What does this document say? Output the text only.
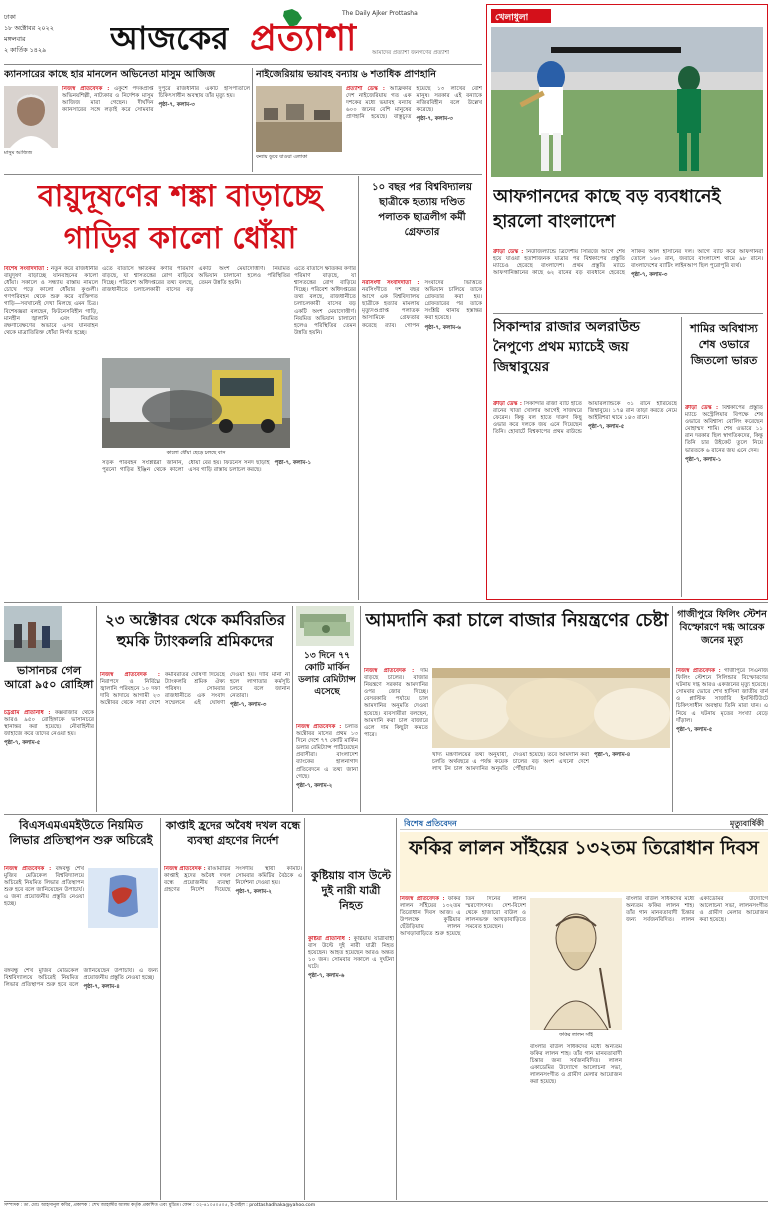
ঢাকা
১৮ অক্টোবর ২০২২
মঙ্গলবার
২ কার্তিক ১৪২৯	আজকের প্রত্যাশা
The Daily Ajker Prottasha
আমাদের প্রত্যাশা জনগণের প্রত্যাশা
খেলাধুলা
আফগানদের কাছে বড় ব্যবধানেই হারলো বাংলাদেশ
ক্রীড়া ডেস্ক : নিউজিল্যান্ডে ত্রিদেশীয় সিরিজে আগে শেষ হয়ে যাওয়া হতাশাজনক যাত্রার পর বিশ্বকাপের প্রস্তুতি ম্যাচেও হেরেছে বাংলাদেশ। প্রথম প্রস্তুতি ম্যাচে আফগানিস্তানের কাছে ৬২ রানের বড় ব্যবধানে হেরেছে সাকিব আল হাসানের দল। আগে ব্যাট করে আফগানরা তোলে ১৬০ রান, জবাবে বাংলাদেশ থামে ৯৮ রানে। বাংলাদেশের ব্যাটিং লাইনআপ ছিল পুরোপুরি ব্যর্থ।
পৃষ্ঠা-৭, কলাম-৩
সিকান্দার রাজার অলরাউন্ড নৈপুণ্যে প্রথম ম্যাচেই জয় জিম্বাবুয়ের
ক্রীড়া ডেস্ক : সিকান্দার রাজা ব্যাট হাতে রানের খাতা খোলার আগেই সাজঘরে ফেরেন। কিন্তু বল হাতে দারুণ কিছু ওভার করে দলকে জয় এনে দিয়েছেন তিনি। হোবার্টে বিশ্বকাপের প্রথম রাউন্ডে আয়ারল্যান্ডকে ৩১ রানে হারিয়েছে জিম্বাবুয়ে। ১৭৪ রান তাড়া করতে নেমে আইরিশরা থামে ১৪৩ রানে।
পৃষ্ঠা-৭, কলাম-৫
শামির অবিশ্বাস্য শেষ ওভারে জিতলো ভারত
ক্রীড়া ডেস্ক : বিশ্বকাপের প্রস্তুতি ম্যাচে অস্ট্রেলিয়ার বিপক্ষে শেষ ওভারে অবিশ্বাস্য বোলিং করেছেন মোহাম্মদ শামি। শেষ ওভারে ১১ রান দরকার ছিল স্বাগতিকদের, কিন্তু তিনি চার উইকেট তুলে নিয়ে ভারতকে ৬ রানের জয় এনে দেন।
পৃষ্ঠা-৭, কলাম-১
ক্যানসারের কাছে হার মানলেন অভিনেতা মাসুম আজিজ
মাসুম আজিজ
নিজস্ব প্রতিবেদক : একুশে পদকপ্রাপ্ত অভিনয়শিল্পী, নাট্যকার ও নির্দেশক মাসুম আজিজ মারা গেছেন। দীর্ঘদিন ক্যানসারের সঙ্গে লড়াই করে সোমবার দুপুরে রাজধানীর একটি হাসপাতালে চিকিৎসাধীন অবস্থায় তাঁর মৃত্যু হয়।
পৃষ্ঠা-৭, কলাম-৩
নাইজেরিয়ায় ভয়াবহ বন্যায় ৬ শতাধিক প্রাণহানি
বন্যায় ডুবে যাওয়া এলাকা
প্রত্যাশা ডেস্ক : আফ্রিকার দেশ নাইজেরিয়ায় গত এক দশকের মধ্যে ভয়াবহ বন্যায় ৬০০ জনের বেশি মানুষের প্রাণহানি হয়েছে। বাস্তুচ্যুত হয়েছে ১৩ লাখের বেশি মানুষ। সরকার এই বন্যাকে নজিরবিহীন বলে উল্লেখ করেছে।
পৃষ্ঠা-৭, কলাম-৩
বায়ুদূষণের শঙ্কা বাড়াচ্ছে
গাড়ির কালো ধোঁয়া
বিশেষ সংবাদদাতা : নতুন করে রাজধানীর বায়ুদূষণ বাড়াচ্ছে যানবাহনের কালো ধোঁয়া। সকালে ও সন্ধ্যায় রাস্তায় নামলে চোখে পড়ে কালো ধোঁয়ার কুণ্ডলী। গণপরিবহন থেকে শুরু করে ব্যক্তিগত গাড়ি—সবখানেই দেখা মিলছে এমন চিত্র। বিশেষজ্ঞরা বলছেন, ফিটনেসবিহীন গাড়ি, মানহীন জ্বালানি এবং নিয়মিত রক্ষণাবেক্ষণের অভাবে এসব যানবাহন থেকে মাত্রাতিরিক্ত ধোঁয়া নির্গত হচ্ছে।
কালো ধোঁয়া ছেড়ে চলছে বাস
এতে বাতাসে ক্ষতিকর কণার পরিমাণ বাড়ছে, যা শ্বাসতন্ত্রের রোগ বাড়িয়ে দিচ্ছে। পরিবেশ অধিদপ্তরের তথ্য বলছে, রাজধানীতে চলাচলকারী বাসের বড় একটি অংশ মেয়াদোত্তীর্ণ। নিয়মিত অভিযান চালানো হলেও পরিস্থিতির তেমন উন্নতি হয়নি।
সড়ক পরিবহন সংশ্লিষ্টরা জানান, পুরনো গাড়ির ইঞ্জিন থেকে কালো ধোঁয়া বের হয়। ফিটনেস সনদ ছাড়াই এসব গাড়ি রাস্তায় চলাচল করছে।
পৃষ্ঠা-৭, কলাম-১
এতে বাতাসে ক্ষতিকর কণার পরিমাণ বাড়ছে, যা শ্বাসতন্ত্রের রোগ বাড়িয়ে দিচ্ছে। পরিবেশ অধিদপ্তরের তথ্য বলছে, রাজধানীতে চলাচলকারী বাসের বড় একটি অংশ মেয়াদোত্তীর্ণ। নিয়মিত অভিযান চালানো হলেও পরিস্থিতির তেমন উন্নতি হয়নি।
১০ বছর পর বিশ্ববিদ্যালয় ছাত্রীকে হত্যায় দণ্ডিত পলাতক ছাত্রলীগ কর্মী গ্রেফতার
নরসিংদী সংবাদদাতা : নরসিংদীতে দশ বছর আগে এক বিশ্ববিদ্যালয় ছাত্রীকে হত্যার মামলায় মৃত্যুদণ্ডপ্রাপ্ত পলাতক আসামিকে গ্রেফতার করেছে র‍্যাব। গোপন সংবাদের ভিত্তিতে অভিযান চালিয়ে তাকে গ্রেফতার করা হয়। গ্রেফতারের পর তাকে সংশ্লিষ্ট থানায় হস্তান্তর করা হয়েছে।
পৃষ্ঠা-৭, কলাম-৬
ভাসানচর গেল আরো ৯৫০ রোহিঙ্গা
চট্টগ্রাম প্রতিনিধি : কক্সবাজার থেকে আরও ৯৫০ রোহিঙ্গাকে ভাসানচরে স্থানান্তর করা হয়েছে। নৌবাহিনীর জাহাজে করে তাদের নেওয়া হয়।
পৃষ্ঠা-৭, কলাম-৫
২৩ অক্টোবর থেকে কর্মবিরতির হুমকি ট্যাংকলরি শ্রমিকদের
নিজস্ব প্রতিবেদক : নিরাপদে ও নির্বিঘ্নে জ্বালানি পরিবহনে ১০ দফা দাবি আদায়ে আগামী ২৩ অক্টোবর থেকে সারা দেশে কর্মবিরতির ঘোষণা দিয়েছে ট্যাংকলরি শ্রমিক ঐক্য পরিষদ। সোমবার রাজধানীতে এক সংবাদ সম্মেলনে এই ঘোষণা দেওয়া হয়। দাবি মানা না হলে লাগাতার কর্মসূচি চলবে বলে জানান নেতারা।
পৃষ্ঠা-৭, কলাম-৩
১৩ দিনে ৭৭ কোটি মার্কিন ডলার রেমিট্যান্স এসেছে
নিজস্ব প্রতিবেদক : চলতি অক্টোবর মাসের প্রথম ১৩ দিনে দেশে ৭৭ কোটি মার্কিন ডলার রেমিট্যান্স পাঠিয়েছেন প্রবাসীরা। বাংলাদেশ ব্যাংকের হালনাগাদ প্রতিবেদনে এ তথ্য জানা গেছে।
পৃষ্ঠা-৭, কলাম-২
আমদানি করা চালে বাজার নিয়ন্ত্রণের চেষ্টা
নিজস্ব প্রতিবেদক : দাম বাড়ছে চালের। বাজার নিয়ন্ত্রণে সরকার আমদানির ওপর জোর দিচ্ছে। বেসরকারি পর্যায়ে চাল আমদানির অনুমতি দেওয়া হয়েছে। ব্যবসায়ীরা বলছেন, আমদানি করা চাল বাজারে এলে দাম কিছুটা কমতে পারে।
খাদ্য মন্ত্রণালয়ের তথ্য অনুযায়ী, চলতি অর্থবছরে এ পর্যন্ত কয়েক লাখ টন চাল আমদানির অনুমতি দেওয়া হয়েছে। তবে আমদানি করা চালের বড় অংশ এখনো দেশে পৌঁছায়নি।
পৃষ্ঠা-৭, কলাম-৪
গাজীপুরে ফিলিং স্টেশন বিস্ফোরণে দগ্ধ আরেক জনের মৃত্যু
নিজস্ব প্রতিবেদক : গাজীপুরে সিএনজি ফিলিং স্টেশনে সিলিন্ডার বিস্ফোরণের ঘটনায় দগ্ধ আরও একজনের মৃত্যু হয়েছে। সোমবার ভোরে শেখ হাসিনা জাতীয় বার্ন ও প্লাস্টিক সার্জারি ইনস্টিটিউটে চিকিৎসাধীন অবস্থায় তিনি মারা যান। এ নিয়ে এ ঘটনায় মৃতের সংখ্যা বেড়ে দাঁড়াল।
পৃষ্ঠা-৭, কলাম-৫
বিএসএমএমইউতে নিয়মিত লিভার প্রতিস্থাপন শুরু অচিরেই
নিজস্ব প্রতিবেদক : বঙ্গবন্ধু শেখ মুজিব মেডিকেল বিশ্ববিদ্যালয়ে অচিরেই নিয়মিত লিভার প্রতিস্থাপন শুরু হবে বলে জানিয়েছেন উপাচার্য। এ জন্য প্রয়োজনীয় প্রস্তুতি নেওয়া হচ্ছে।
বঙ্গবন্ধু শেখ মুজিব মেডিকেল বিশ্ববিদ্যালয়ে অচিরেই নিয়মিত লিভার প্রতিস্থাপন শুরু হবে বলে জানিয়েছেন উপাচার্য। এ জন্য প্রয়োজনীয় প্রস্তুতি নেওয়া হচ্ছে।
পৃষ্ঠা-৭, কলাম-৪
কাপ্তাই হ্রদের অবৈধ দখল বন্ধে ব্যবস্থা গ্রহণের নির্দেশ
নিজস্ব প্রতিবেদক : রাঙামাটির কাপ্তাই হ্রদের অবৈধ দখল বন্ধে প্রয়োজনীয় ব্যবস্থা গ্রহণের নির্দেশ দিয়েছে সংসদীয় স্থায়ী কমিটি। সোমবার কমিটির বৈঠকে এ নির্দেশনা দেওয়া হয়।
পৃষ্ঠা-৭, কলাম-২
কুষ্টিয়ায় বাস উল্টে দুই নারী যাত্রী নিহত
কুষ্টিয়া প্রতিনিধি : কুষ্টিয়ায় যাত্রীবাহী বাস উল্টে দুই নারী যাত্রী নিহত হয়েছেন। আহত হয়েছেন আরও অন্তত ১০ জন। সোমবার সকালে এ দুর্ঘটনা ঘটে।
পৃষ্ঠা-৭, কলাম-৬
বিশেষ প্রতিবেদন	মৃত্যুবার্ষিকী
ফকির লালন সাঁইয়ের ১৩২তম তিরোধান দিবস
নিজস্ব প্রতিবেদক : ফকির লালন সাঁইয়ের ১৩২তম তিরোধান দিবস আজ। এ উপলক্ষে কুষ্টিয়ার ছেঁউড়িয়ায় লালন আখড়াবাড়িতে শুরু হয়েছে তিন দিনের লালন স্মরণোৎসব। দেশ-বিদেশ থেকে হাজারো বাউল ও লালনভক্ত আখড়াবাড়িতে সমবেত হয়েছেন।
ফকির লালন সাঁই
বাংলার বাউল সাধকদের মধ্যে অন্যতম ফকির লালন শাহ। তাঁর গান মানবতাবাদী চিন্তার জন্য সর্বজনবিদিত। লালন একাডেমির উদ্যোগে আলোচনা সভা, লালনসংগীত ও গ্রামীণ মেলার আয়োজন করা হয়েছে।
বাংলার বাউল সাধকদের মধ্যে অন্যতম ফকির লালন শাহ। তাঁর গান মানবতাবাদী চিন্তার জন্য সর্বজনবিদিত। লালন একাডেমির উদ্যোগে আলোচনা সভা, লালনসংগীত ও গ্রামীণ মেলার আয়োজন করা হয়েছে।
সম্পাদক : ডা. মোঃ আহসানুল কবির, প্রকাশক : শেখ জাহাঙ্গীর আলম কর্তৃক প্রকাশিত এবং মুদ্রিত। ফোন : ০২-৪১০৫০৫০৫, ই-মেইল : prottashadhaka@yahoo.com
